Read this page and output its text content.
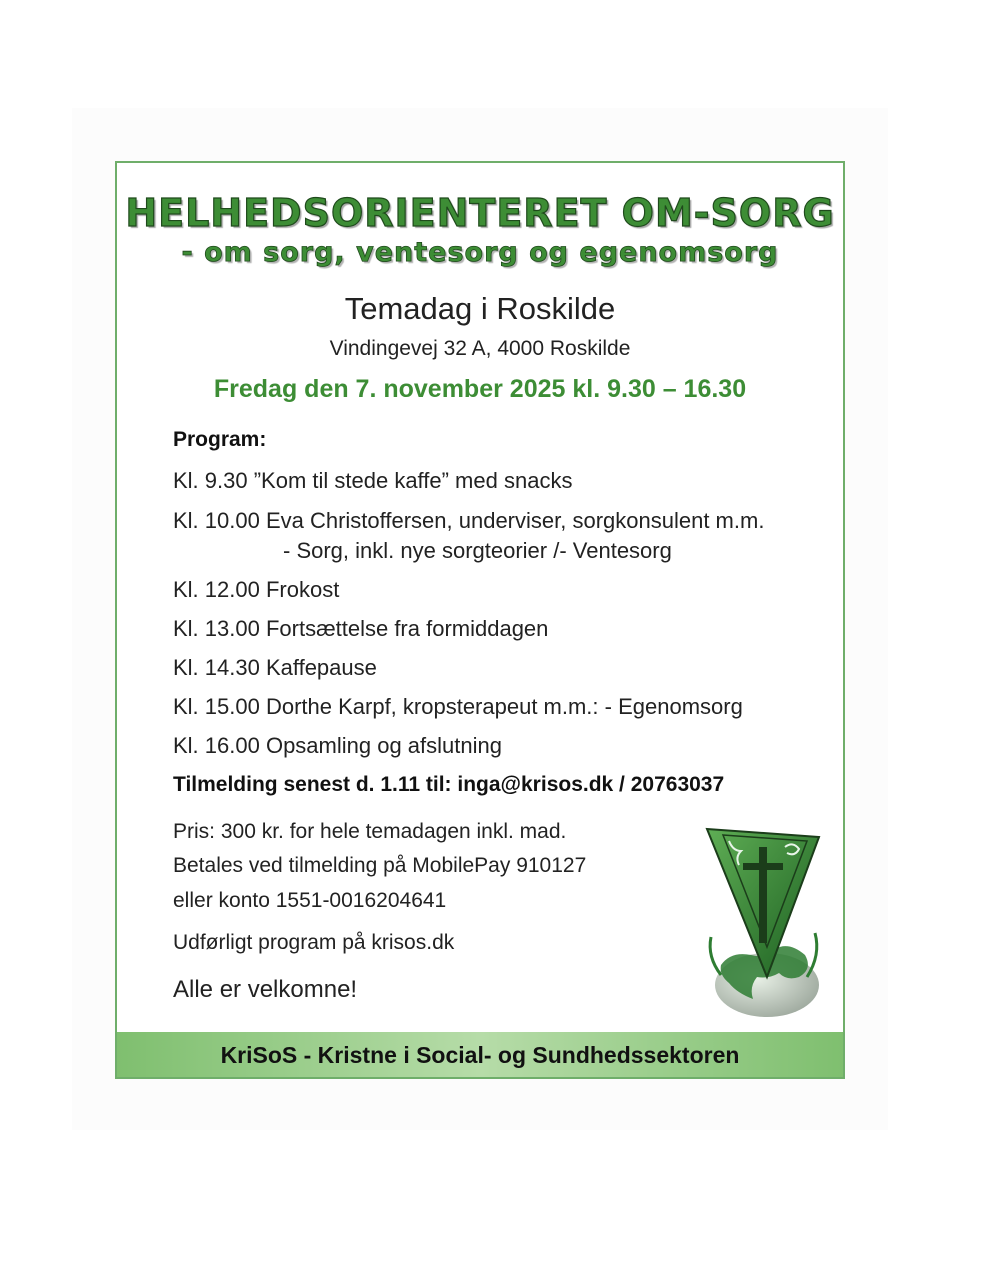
HELHEDSORIENTERET OM-SORG
- om sorg, ventesorg og egenomsorg
Temadag i Roskilde
Vindingevej 32 A, 4000 Roskilde
Fredag den 7. november 2025 kl. 9.30 – 16.30
Program:
Kl. 9.30 ”Kom til stede kaffe” med snacks
Kl. 10.00 Eva Christoffersen, underviser, sorgkonsulent m.m.
- Sorg, inkl. nye sorgteorier /- Ventesorg
Kl. 12.00 Frokost
Kl. 13.00 Fortsættelse fra formiddagen
Kl. 14.30 Kaffepause
Kl. 15.00 Dorthe Karpf, kropsterapeut m.m.: - Egenomsorg
Kl. 16.00 Opsamling og afslutning
Tilmelding senest d. 1.11 til: inga@krisos.dk / 20763037
Pris: 300 kr. for hele temadagen inkl. mad.
Betales ved tilmelding på MobilePay 910127
eller konto 1551-0016204641
Udførligt program på krisos.dk
Alle er velkomne!
KriSoS - Kristne i Social- og Sundhedssektoren
